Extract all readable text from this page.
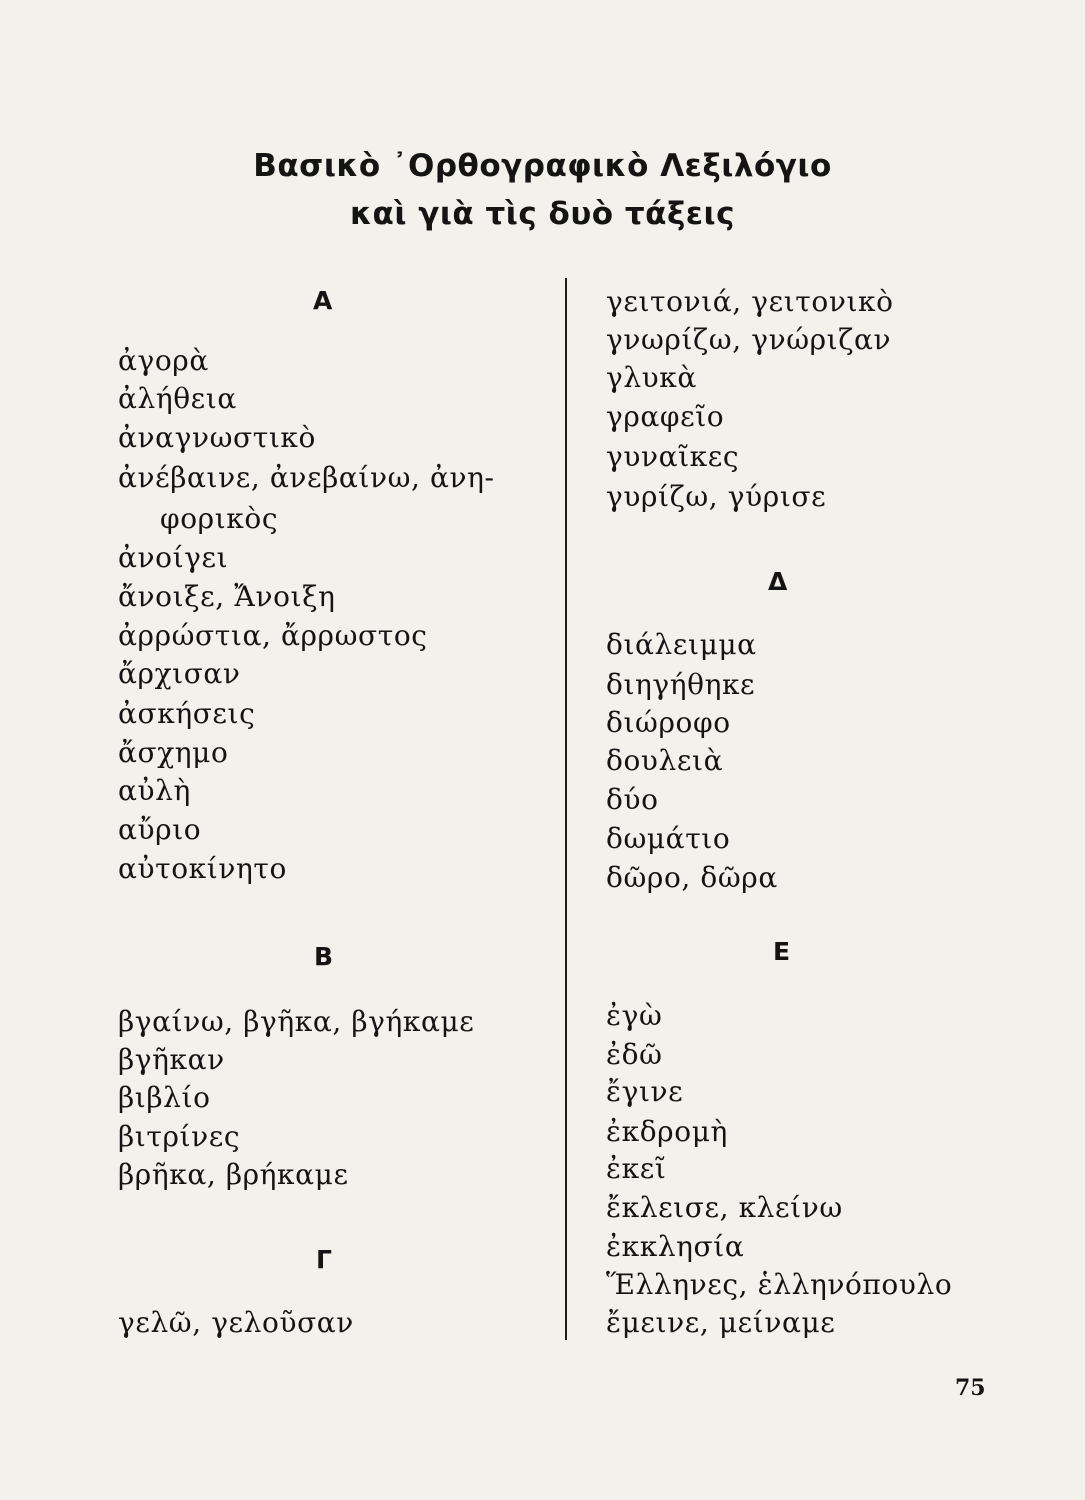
Βασικὸ ᾿Ορθογραφικὸ Λεξιλόγιο
καὶ γιὰ τὶς δυὸ τάξεις
Α
ἀγορὰ
ἀλήθεια
ἀναγνωστικὸ
ἀνέβαινε, ἀνεβαίνω, ἀνη-
φορικὸς
ἀνοίγει
ἄνοιξε, Ἄνοιξη
ἀρρώστια, ἄρρωστος
ἄρχισαν
ἀσκήσεις
ἄσχημο
αὐλὴ
αὔριο
αὐτοκίνητο
Β
βγαίνω, βγῆκα, βγήκαμε
βγῆκαν
βιβλίο
βιτρίνες
βρῆκα, βρήκαμε
Γ
γελῶ, γελοῦσαν
γειτονιά, γειτονικὸ
γνωρίζω, γνώριζαν
γλυκὰ
γραφεῖο
γυναῖκες
γυρίζω, γύρισε
Δ
διάλειμμα
διηγήθηκε
διώροφο
δουλειὰ
δύο
δωμάτιο
δῶρο, δῶρα
Ε
ἐγὼ
ἐδῶ
ἔγινε
ἐκδρομὴ
ἐκεῖ
ἔκλεισε, κλείνω
ἐκκλησία
Ἕλληνες, ἑλληνόπουλο
ἔμεινε, μείναμε
75
